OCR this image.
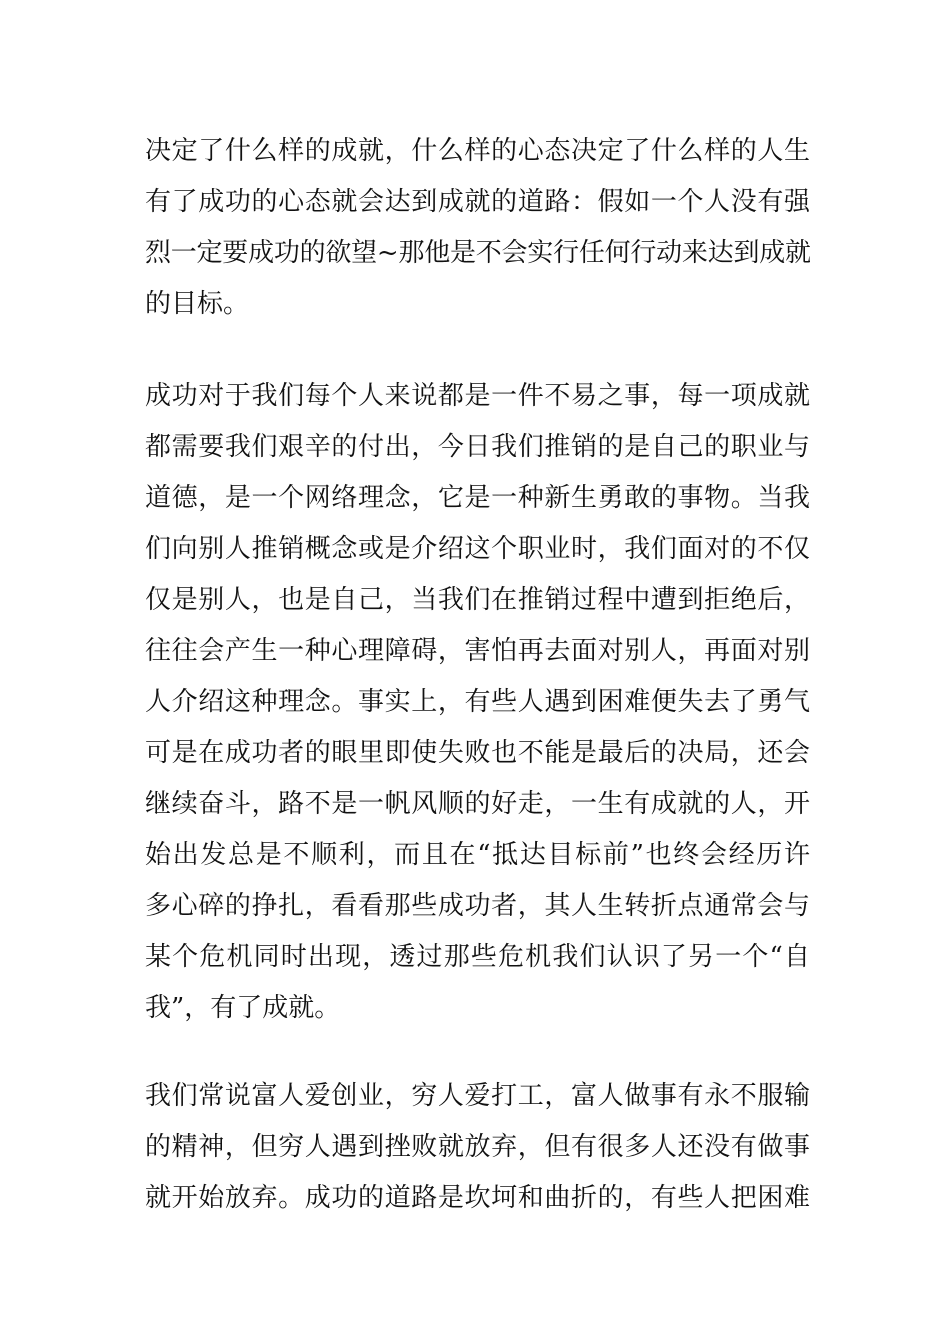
决定了什么样的成就，什么样的心态决定了什么样的人生
有了成功的心态就会达到成就的道路：假如一个人没有强
烈一定要成功的欲望~那他是不会实行任何行动来达到成就
的目标。
成功对于我们每个人来说都是一件不易之事，每一项成就
都需要我们艰辛的付出，今日我们推销的是自己的职业与
道德，是一个网络理念，它是一种新生勇敢的事物。当我
们向别人推销概念或是介绍这个职业时，我们面对的不仅
仅是别人，也是自己，当我们在推销过程中遭到拒绝后，
往往会产生一种心理障碍，害怕再去面对别人，再面对别
人介绍这种理念。事实上，有些人遇到困难便失去了勇气
可是在成功者的眼里即使失败也不能是最后的决局，还会
继续奋斗，路不是一帆风顺的好走，一生有成就的人，开
始出发总是不顺利，而且在“抵达目标前”也终会经历许
多心碎的挣扎，看看那些成功者，其人生转折点通常会与
某个危机同时出现，透过那些危机我们认识了另一个“自
我”，有了成就。
我们常说富人爱创业，穷人爱打工，富人做事有永不服输
的精神，但穷人遇到挫败就放弃，但有很多人还没有做事
就开始放弃。成功的道路是坎坷和曲折的，有些人把困难
